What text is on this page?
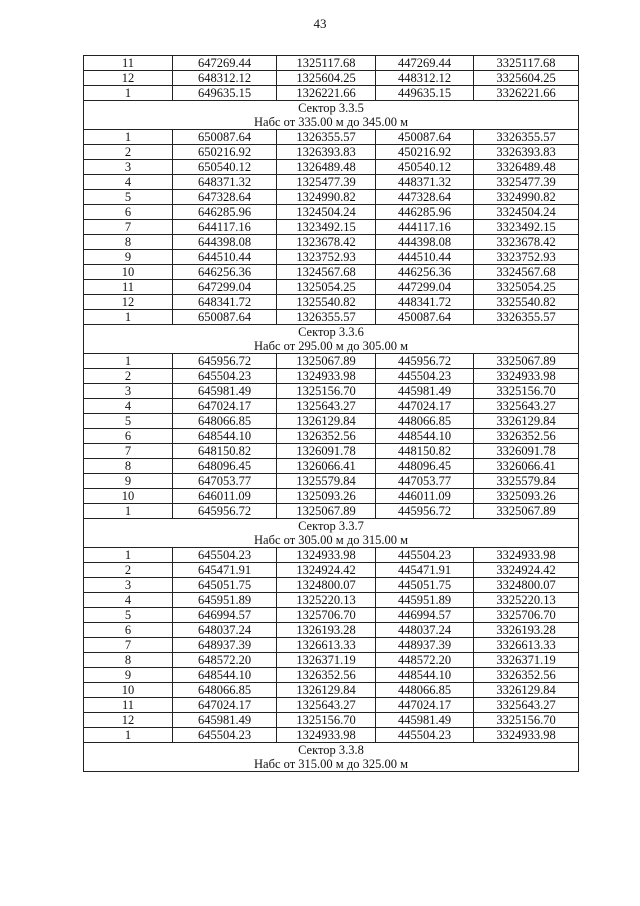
43
11	647269.44	1325117.68	447269.44	3325117.68
12	648312.12	1325604.25	448312.12	3325604.25
1	649635.15	1326221.66	449635.15	3326221.66

Сектор 3.3.5
Набс от 335.00 м до 345.00 м				

1	650087.64	1326355.57	450087.64	3326355.57
2	650216.92	1326393.83	450216.92	3326393.83
3	650540.12	1326489.48	450540.12	3326489.48
4	648371.32	1325477.39	448371.32	3325477.39
5	647328.64	1324990.82	447328.64	3324990.82
6	646285.96	1324504.24	446285.96	3324504.24
7	644117.16	1323492.15	444117.16	3323492.15
8	644398.08	1323678.42	444398.08	3323678.42
9	644510.44	1323752.93	444510.44	3323752.93
10	646256.36	1324567.68	446256.36	3324567.68
11	647299.04	1325054.25	447299.04	3325054.25
12	648341.72	1325540.82	448341.72	3325540.82
1	650087.64	1326355.57	450087.64	3326355.57

Сектор 3.3.6
Набс от 295.00 м до 305.00 м				

1	645956.72	1325067.89	445956.72	3325067.89
2	645504.23	1324933.98	445504.23	3324933.98
3	645981.49	1325156.70	445981.49	3325156.70
4	647024.17	1325643.27	447024.17	3325643.27
5	648066.85	1326129.84	448066.85	3326129.84
6	648544.10	1326352.56	448544.10	3326352.56
7	648150.82	1326091.78	448150.82	3326091.78
8	648096.45	1326066.41	448096.45	3326066.41
9	647053.77	1325579.84	447053.77	3325579.84
10	646011.09	1325093.26	446011.09	3325093.26
1	645956.72	1325067.89	445956.72	3325067.89

Сектор 3.3.7
Набс от 305.00 м до 315.00 м				

1	645504.23	1324933.98	445504.23	3324933.98
2	645471.91	1324924.42	445471.91	3324924.42
3	645051.75	1324800.07	445051.75	3324800.07
4	645951.89	1325220.13	445951.89	3325220.13
5	646994.57	1325706.70	446994.57	3325706.70
6	648037.24	1326193.28	448037.24	3326193.28
7	648937.39	1326613.33	448937.39	3326613.33
8	648572.20	1326371.19	448572.20	3326371.19
9	648544.10	1326352.56	448544.10	3326352.56
10	648066.85	1326129.84	448066.85	3326129.84
11	647024.17	1325643.27	447024.17	3325643.27
12	645981.49	1325156.70	445981.49	3325156.70
1	645504.23	1324933.98	445504.23	3324933.98

Сектор 3.3.8
Набс от 315.00 м до 325.00 м				
